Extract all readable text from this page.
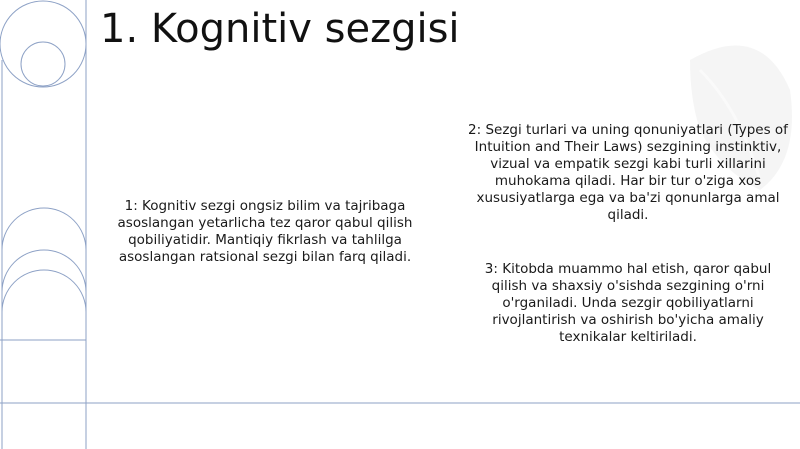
1. Kognitiv sezgisi
1: Kognitiv sezgi ongsiz bilim va tajribaga asoslangan yetarlicha tez qaror qabul qilish qobiliyatidir. Mantiqiy fikrlash va tahlilga asoslangan ratsional sezgi bilan farq qiladi.
2: Sezgi turlari va uning qonuniyatlari (Types of Intuition and Their Laws) sezgining instinktiv, vizual va empatik sezgi kabi turli xillarini muhokama qiladi. Har bir tur o'ziga xos xususiyatlarga ega va ba'zi qonunlarga amal qiladi.
3: Kitobda muammo hal etish, qaror qabul qilish va shaxsiy o'sishda sezgining o'rni o'rganiladi. Unda sezgir qobiliyatlarni rivojlantirish va oshirish bo'yicha amaliy texnikalar keltiriladi.
